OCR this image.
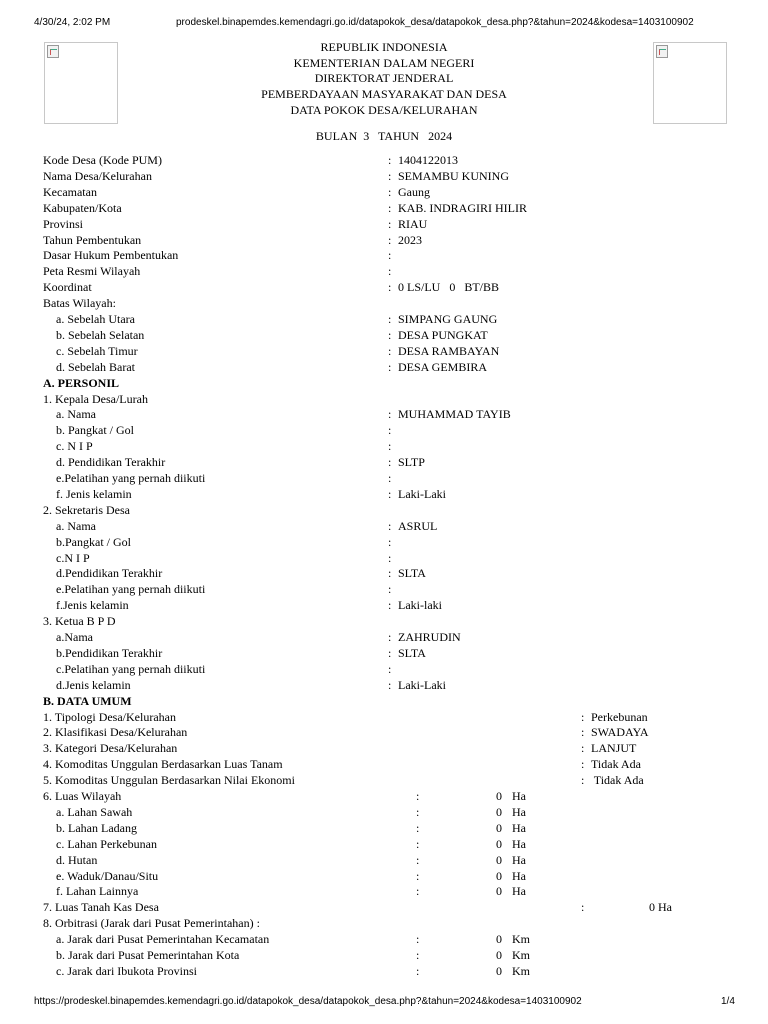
4/30/24, 2:02 PM	prodeskel.binapemdes.kemendagri.go.id/datapokok_desa/datapokok_desa.php?&tahun=2024&kodesa=1403100902
REPUBLIK INDONESIA
KEMENTERIAN DALAM NEGERI
DIREKTORAT JENDERAL
PEMBERDAYAAN MASYARAKAT DAN DESA
DATA POKOK DESA/KELURAHAN
BULAN  3   TAHUN   2024
Kode Desa (Kode PUM)	: 1404122013
Nama Desa/Kelurahan	: SEMAMBU KUNING
Kecamatan	: Gaung
Kabupaten/Kota	: KAB. INDRAGIRI HILIR
Provinsi	: RIAU
Tahun Pembentukan	: 2023
Dasar Hukum Pembentukan	:
Peta Resmi Wilayah	:
Koordinat	: 0 LS/LU   0   BT/BB
Batas Wilayah:
a. Sebelah Utara	: SIMPANG GAUNG
b. Sebelah Selatan	: DESA PUNGKAT
c. Sebelah Timur	: DESA RAMBAYAN
d. Sebelah Barat	: DESA GEMBIRA
A. PERSONIL
1. Kepala Desa/Lurah
a. Nama	: MUHAMMAD TAYIB
b. Pangkat / Gol	:
c. N I P	:
d. Pendidikan Terakhir	: SLTP
e.Pelatihan yang pernah diikuti	:
f. Jenis kelamin	: Laki-Laki
2. Sekretaris Desa
a. Nama	: ASRUL
b.Pangkat / Gol	:
c.N I P	:
d.Pendidikan Terakhir	: SLTA
e.Pelatihan yang pernah diikuti	:
f.Jenis kelamin	: Laki-laki
3. Ketua B P D
a.Nama	: ZAHRUDIN
b.Pendidikan Terakhir	: SLTA
c.Pelatihan yang pernah diikuti	:
d.Jenis kelamin	: Laki-Laki
B. DATA UMUM
1. Tipologi Desa/Kelurahan	: Perkebunan
2. Klasifikasi Desa/Kelurahan	: SWADAYA
3. Kategori Desa/Kelurahan	: LANJUT
4. Komoditas Unggulan Berdasarkan Luas Tanam	: Tidak Ada
5. Komoditas Unggulan Berdasarkan Nilai Ekonomi	: Tidak Ada
6. Luas Wilayah	:	0 Ha
a. Lahan Sawah	:	0 Ha
b. Lahan Ladang	:	0 Ha
c. Lahan Perkebunan	:	0 Ha
d. Hutan	:	0 Ha
e. Waduk/Danau/Situ	:	0 Ha
f. Lahan Lainnya	:	0 Ha
7. Luas Tanah Kas Desa	:	0 Ha
8. Orbitrasi (Jarak dari Pusat Pemerintahan) :
a. Jarak dari Pusat Pemerintahan Kecamatan	:	0 Km
b. Jarak dari Pusat Pemerintahan Kota	:	0 Km
c. Jarak dari Ibukota Provinsi	:	0 Km
https://prodeskel.binapemdes.kemendagri.go.id/datapokok_desa/datapokok_desa.php?&tahun=2024&kodesa=1403100902	1/4
